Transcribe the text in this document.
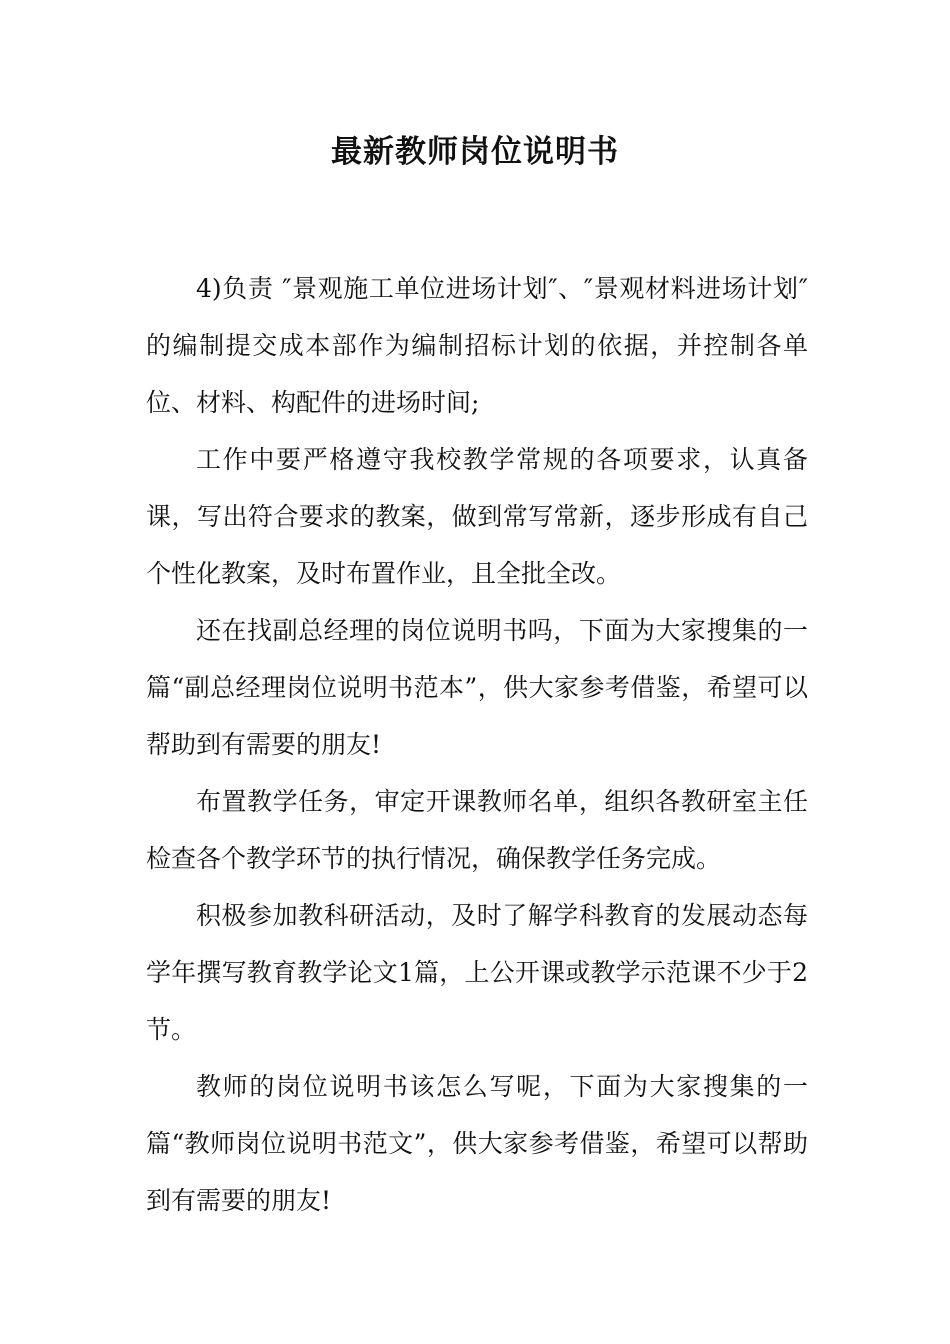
最新教师岗位说明书

4)负责 ″景观施工单位进场计划″、″景观材料进场计划″的编制提交成本部作为编制招标计划的依据，并控制各单位、材料、构配件的进场时间;

工作中要严格遵守我校教学常规的各项要求，认真备课，写出符合要求的教案，做到常写常新，逐步形成有自己个性化教案，及时布置作业，且全批全改。

还在找副总经理的岗位说明书吗，下面为大家搜集的一篇“副总经理岗位说明书范本”，供大家参考借鉴，希望可以帮助到有需要的朋友!

布置教学任务，审定开课教师名单，组织各教研室主任检查各个教学环节的执行情况，确保教学任务完成。

积极参加教科研活动，及时了解学科教育的发展动态每学年撰写教育教学论文1篇，上公开课或教学示范课不少于2节。

教师的岗位说明书该怎么写呢，下面为大家搜集的一篇“教师岗位说明书范文”，供大家参考借鉴，希望可以帮助到有需要的朋友!
